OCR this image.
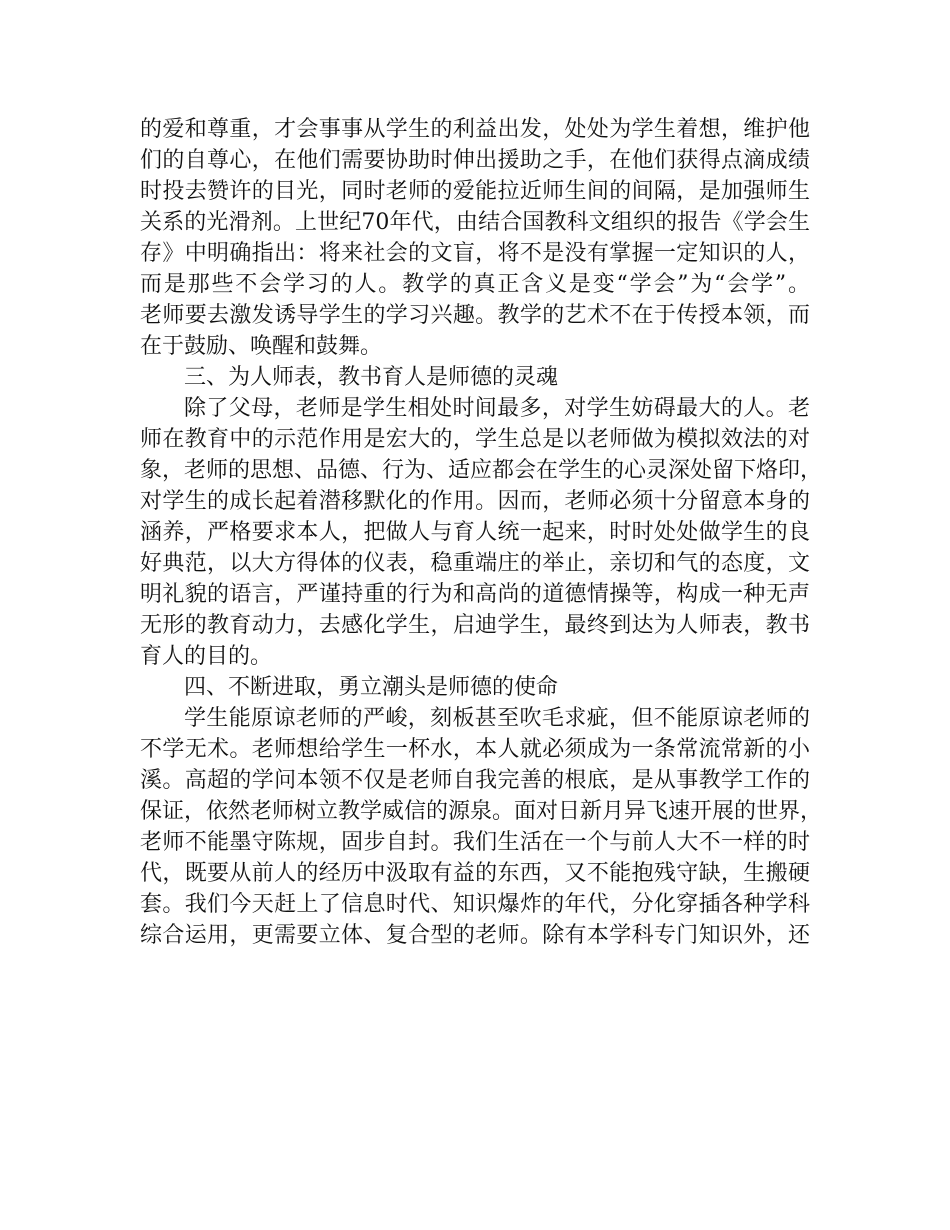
的爱和尊重，才会事事从学生的利益出发，处处为学生着想，维护他
们的自尊心，在他们需要协助时伸出援助之手，在他们获得点滴成绩
时投去赞许的目光，同时老师的爱能拉近师生间的间隔，是加强师生
关系的光滑剂。上世纪70年代，由结合国教科文组织的报告《学会生
存》中明确指出：将来社会的文盲，将不是没有掌握一定知识的人，
而是那些不会学习的人。教学的真正含义是变“学会”为“会学”。
老师要去激发诱导学生的学习兴趣。教学的艺术不在于传授本领，而
在于鼓励、唤醒和鼓舞。
三、为人师表，教书育人是师德的灵魂
除了父母，老师是学生相处时间最多，对学生妨碍最大的人。老
师在教育中的示范作用是宏大的，学生总是以老师做为模拟效法的对
象，老师的思想、品德、行为、适应都会在学生的心灵深处留下烙印，
对学生的成长起着潜移默化的作用。因而，老师必须十分留意本身的
涵养，严格要求本人，把做人与育人统一起来，时时处处做学生的良
好典范，以大方得体的仪表，稳重端庄的举止，亲切和气的态度，文
明礼貌的语言，严谨持重的行为和高尚的道德情操等，构成一种无声
无形的教育动力，去感化学生，启迪学生，最终到达为人师表，教书
育人的目的。
四、不断进取，勇立潮头是师德的使命
学生能原谅老师的严峻，刻板甚至吹毛求疵，但不能原谅老师的
不学无术。老师想给学生一杯水，本人就必须成为一条常流常新的小
溪。高超的学问本领不仅是老师自我完善的根底，是从事教学工作的
保证，依然老师树立教学威信的源泉。面对日新月异飞速开展的世界，
老师不能墨守陈规，固步自封。我们生活在一个与前人大不一样的时
代，既要从前人的经历中汲取有益的东西，又不能抱残守缺，生搬硬
套。我们今天赶上了信息时代、知识爆炸的年代，分化穿插各种学科
综合运用，更需要立体、复合型的老师。除有本学科专门知识外，还
